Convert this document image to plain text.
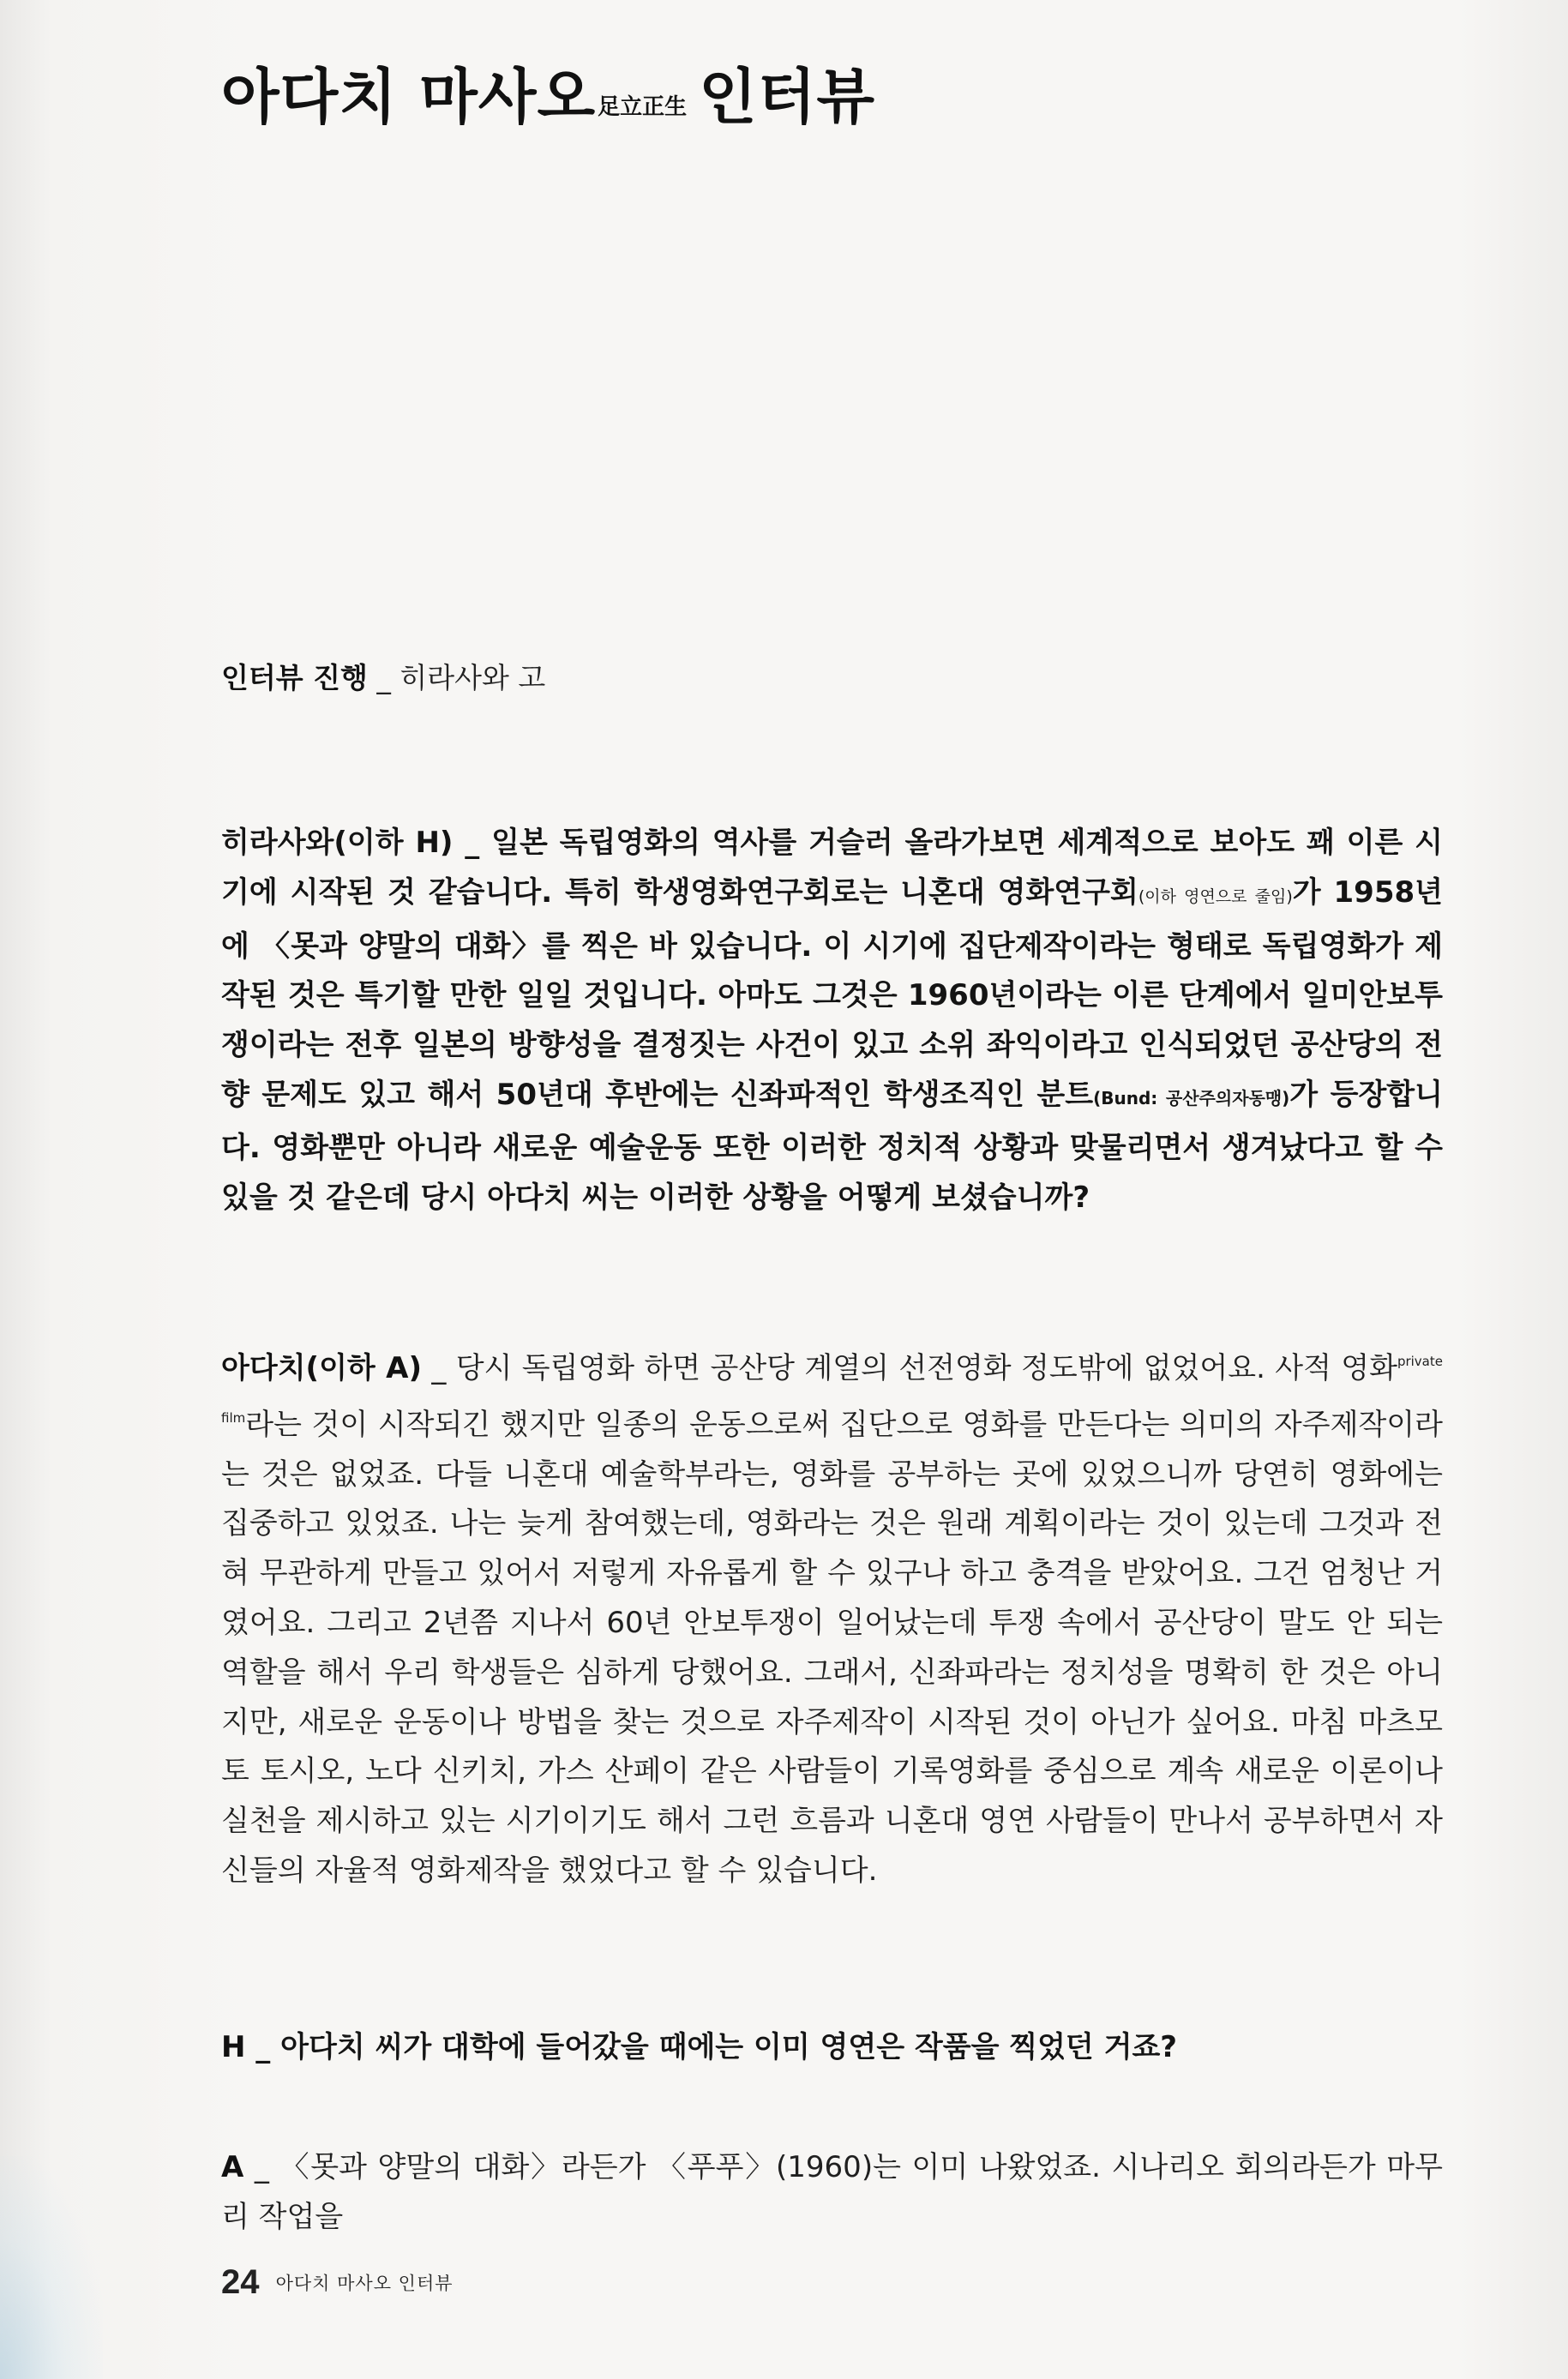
아다치 마사오足立正生 인터뷰
인터뷰 진행 _ 히라사와 고

히라사와(이하 H) _ 일본 독립영화의 역사를 거슬러 올라가보면 세계적으로 보아도 꽤 이른 시기에 시작된 것 같습니다. 특히 학생영화연구회로는 니혼대 영화연구회(이하 영연으로 줄임)가 1958년에 〈못과 양말의 대화〉를 찍은 바 있습니다. 이 시기에 집단제작이라는 형태로 독립영화가 제작된 것은 특기할 만한 일일 것입니다. 아마도 그것은 1960년이라는 이른 단계에서 일미안보투쟁이라는 전후 일본의 방향성을 결정짓는 사건이 있고 소위 좌익이라고 인식되었던 공산당의 전향 문제도 있고 해서 50년대 후반에는 신좌파적인 학생조직인 분트(Bund: 공산주의자동맹)가 등장합니다. 영화뿐만 아니라 새로운 예술운동 또한 이러한 정치적 상황과 맞물리면서 생겨났다고 할 수 있을 것 같은데 당시 아다치 씨는 이러한 상황을 어떻게 보셨습니까?

아다치(이하 A) _ 당시 독립영화 하면 공산당 계열의 선전영화 정도밖에 없었어요. 사적 영화$^{private film}$라는 것이 시작되긴 했지만 일종의 운동으로써 집단으로 영화를 만든다는 의미의 자주제작이라는 것은 없었죠. 다들 니혼대 예술학부라는, 영화를 공부하는 곳에 있었으니까 당연히 영화에는 집중하고 있었죠. 나는 늦게 참여했는데, 영화라는 것은 원래 계획이라는 것이 있는데 그것과 전혀 무관하게 만들고 있어서 저렇게 자유롭게 할 수 있구나 하고 충격을 받았어요. 그건 엄청난 거였어요. 그리고 2년쯤 지나서 60년 안보투쟁이 일어났는데 투쟁 속에서 공산당이 말도 안 되는 역할을 해서 우리 학생들은 심하게 당했어요. 그래서, 신좌파라는 정치성을 명확히 한 것은 아니지만, 새로운 운동이나 방법을 찾는 것으로 자주제작이 시작된 것이 아닌가 싶어요. 마침 마츠모토 토시오, 노다 신키치, 가스 산페이 같은 사람들이 기록영화를 중심으로 계속 새로운 이론이나 실천을 제시하고 있는 시기이기도 해서 그런 흐름과 니혼대 영연 사람들이 만나서 공부하면서 자신들의 자율적 영화제작을 했었다고 할 수 있습니다.

H _ 아다치 씨가 대학에 들어갔을 때에는 이미 영연은 작품을 찍었던 거죠?

A _ 〈못과 양말의 대화〉라든가 〈푸푸〉(1960)는 이미 나왔었죠. 시나리오 회의라든가 마무리 작업을

24 아다치 마사오 인터뷰
